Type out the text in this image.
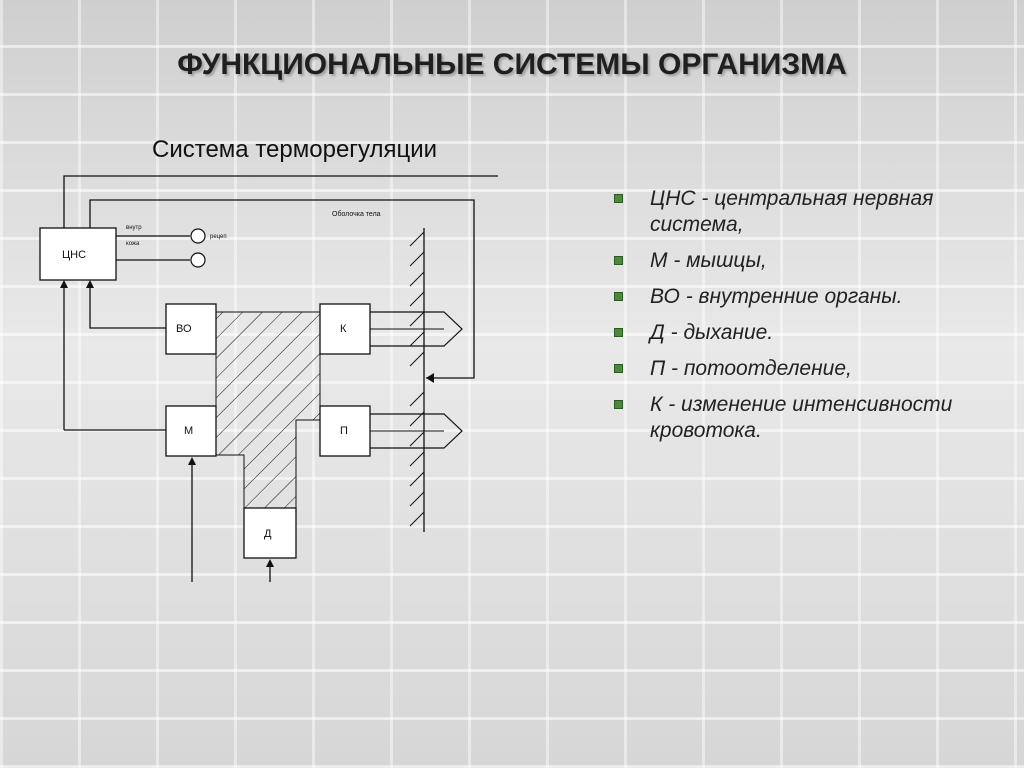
ФУНКЦИОНАЛЬНЫЕ СИСТЕМЫ ОРГАНИЗМА
Система терморегуляции
внутр
кожа
рецеп
Оболочка тела
ЦНС
ВО	К
М	П
Д
ЦНС - центральная нервная система,
М - мышцы,
ВО - внутренние органы.
Д - дыхание.
П - потоотделение,
К - изменение интенсивности кровотока.
